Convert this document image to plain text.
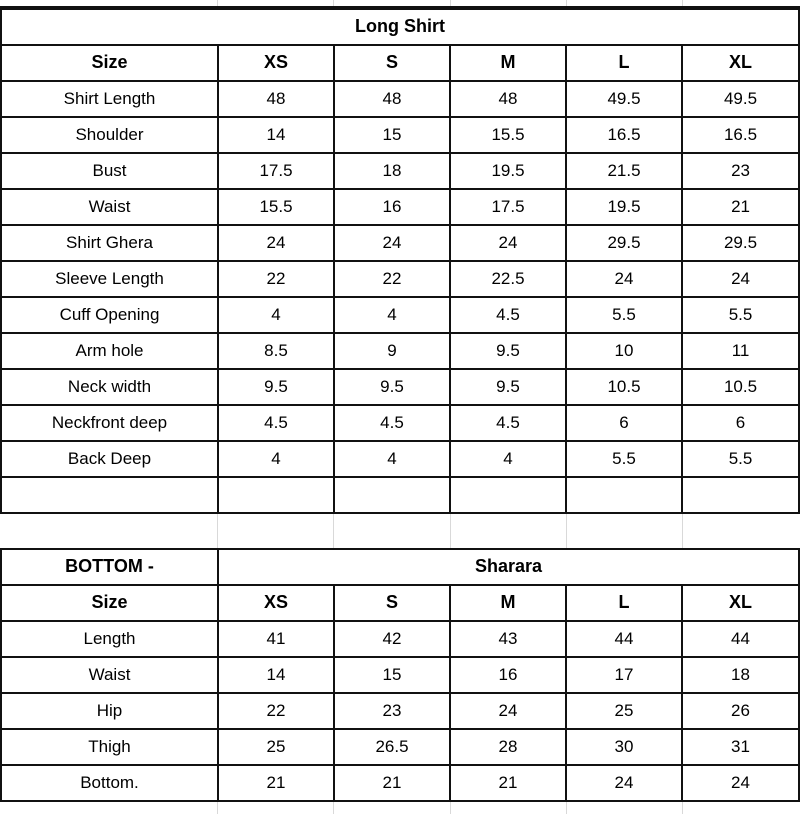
Long Shirt					
Size	XS	S	M	L	XL
Shirt Length	48	48	48	49.5	49.5
Shoulder	14	15	15.5	16.5	16.5
Bust	17.5	18	19.5	21.5	23
Waist	15.5	16	17.5	19.5	21
Shirt Ghera	24	24	24	29.5	29.5
Sleeve Length	22	22	22.5	24	24
Cuff Opening	4	4	4.5	5.5	5.5
Arm hole	8.5	9	9.5	10	11
Neck width	9.5	9.5	9.5	10.5	10.5
Neckfront deep	4.5	4.5	4.5	6	6
Back Deep	4	4	4	5.5	5.5

BOTTOM -	Sharara				
Size	XS	S	M	L	XL
Length	41	42	43	44	44
Waist	14	15	16	17	18
Hip	22	23	24	25	26
Thigh	25	26.5	28	30	31
Bottom.	21	21	21	24	24
